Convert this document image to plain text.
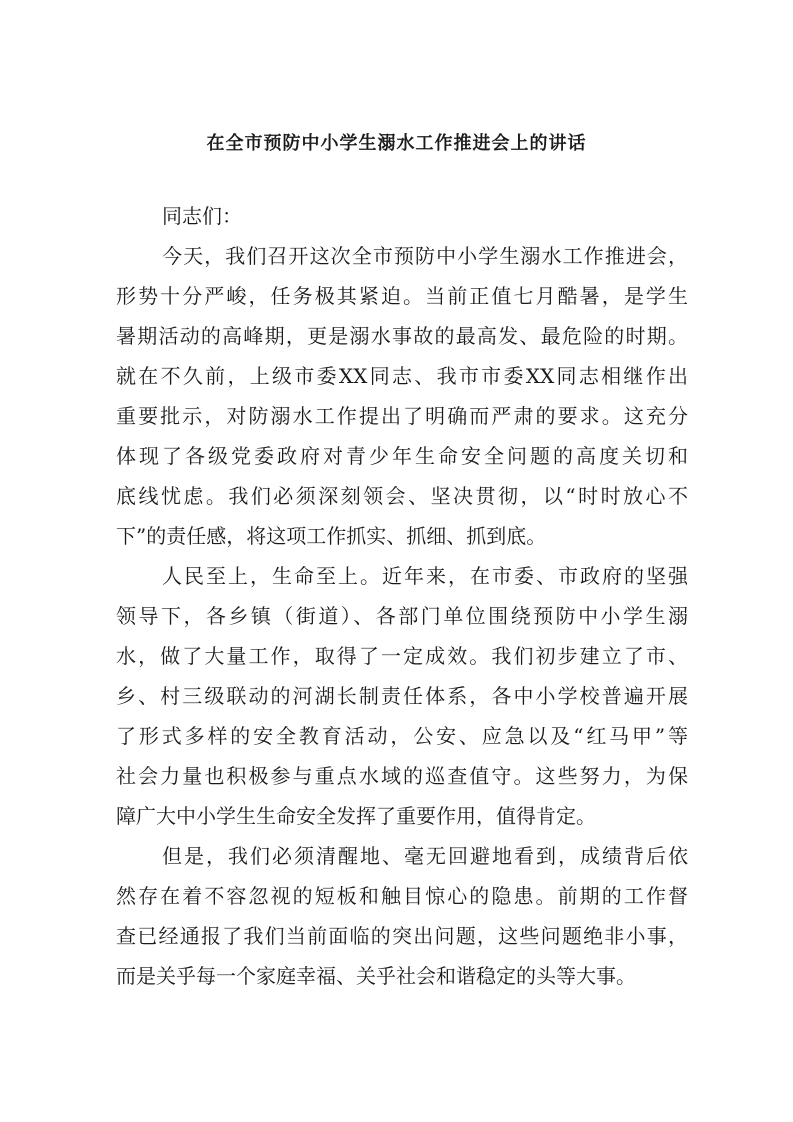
在全市预防中小学生溺水工作推进会上的讲话
同志们：
今天，我们召开这次全市预防中小学生溺水工作推进会，
形势十分严峻，任务极其紧迫。当前正值七月酷暑，是学生
暑期活动的高峰期，更是溺水事故的最高发、最危险的时期。
就在不久前，上级市委XX同志、我市市委XX同志相继作出
重要批示，对防溺水工作提出了明确而严肃的要求。这充分
体现了各级党委政府对青少年生命安全问题的高度关切和
底线忧虑。我们必须深刻领会、坚决贯彻，以“时时放心不
下”的责任感，将这项工作抓实、抓细、抓到底。
人民至上，生命至上。近年来，在市委、市政府的坚强
领导下，各乡镇（街道）、各部门单位围绕预防中小学生溺
水，做了大量工作，取得了一定成效。我们初步建立了市、
乡、村三级联动的河湖长制责任体系，各中小学校普遍开展
了形式多样的安全教育活动，公安、应急以及“红马甲”等
社会力量也积极参与重点水域的巡查值守。这些努力，为保
障广大中小学生生命安全发挥了重要作用，值得肯定。
但是，我们必须清醒地、毫无回避地看到，成绩背后依
然存在着不容忽视的短板和触目惊心的隐患。前期的工作督
查已经通报了我们当前面临的突出问题，这些问题绝非小事，
而是关乎每一个家庭幸福、关乎社会和谐稳定的头等大事。
